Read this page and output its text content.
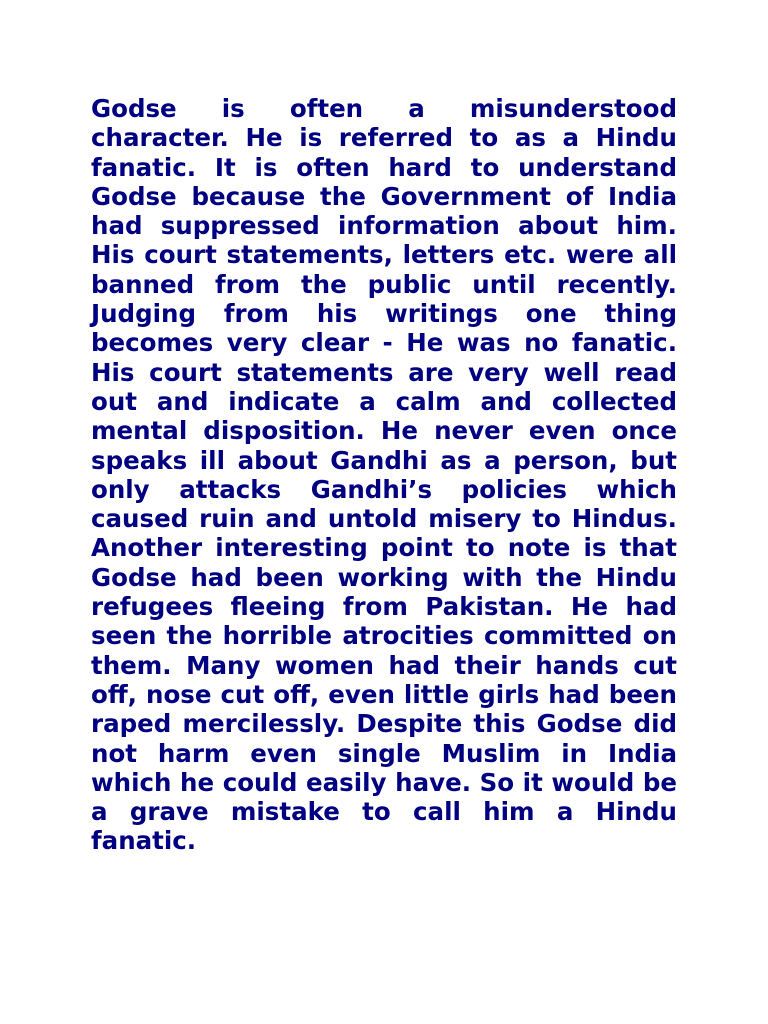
Godse is often a misunderstood character. He is referred to as a Hindu fanatic. It is often hard to understand Godse because the Government of India had suppressed information about him. His court statements, letters etc. were all banned from the public until recently. Judging from his writings one thing becomes very clear - He was no fanatic. His court statements are very well read out and indicate a calm and collected mental disposition. He never even once speaks ill about Gandhi as a person, but only attacks Gandhi’s policies which caused ruin and untold misery to Hindus. Another interesting point to note is that Godse had been working with the Hindu refugees fleeing from Pakistan. He had seen the horrible atrocities committed on them. Many women had their hands cut off, nose cut off, even little girls had been raped mercilessly. Despite this Godse did not harm even single Muslim in India which he could easily have. So it would be a grave mistake to call him a Hindu fanatic.
